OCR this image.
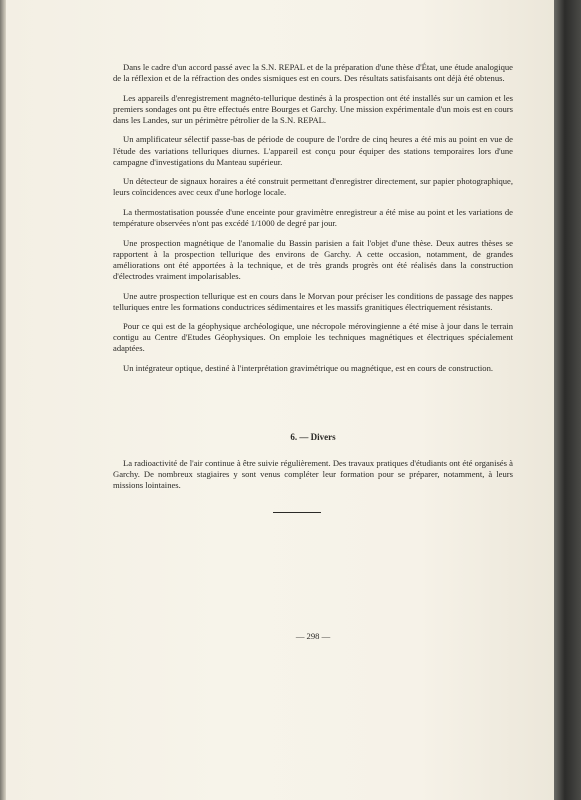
Dans le cadre d'un accord passé avec la S.N. REPAL et de la préparation d'une thèse d'État, une étude analogique de la réflexion et de la réfraction des ondes sismiques est en cours. Des résultats satisfaisants ont déjà été obtenus.

Les appareils d'enregistrement magnéto-tellurique destinés à la prospection ont été installés sur un camion et les premiers sondages ont pu être effectués entre Bourges et Garchy. Une mission expérimentale d'un mois est en cours dans les Landes, sur un périmètre pétrolier de la S.N. REPAL.

Un amplificateur sélectif passe-bas de période de coupure de l'ordre de cinq heures a été mis au point en vue de l'étude des variations telluriques diurnes. L'appareil est conçu pour équiper des stations temporaires lors d'une campagne d'investigations du Manteau supérieur.

Un détecteur de signaux horaires a été construit permettant d'enregistrer directement, sur papier photographique, leurs coïncidences avec ceux d'une horloge locale.

La thermostatisation poussée d'une enceinte pour gravimètre enregistreur a été mise au point et les variations de température observées n'ont pas excédé 1/1000 de degré par jour.

Une prospection magnétique de l'anomalie du Bassin parisien a fait l'objet d'une thèse. Deux autres thèses se rapportent à la prospection tellurique des environs de Garchy. A cette occasion, notamment, de grandes améliorations ont été apportées à la technique, et de très grands progrès ont été réalisés dans la construction d'électrodes vraiment impolarisables.

Une autre prospection tellurique est en cours dans le Morvan pour préciser les conditions de passage des nappes telluriques entre les formations conductrices sédimentaires et les massifs granitiques électriquement résistants.

Pour ce qui est de la géophysique archéologique, une nécropole mérovingienne a été mise à jour dans le terrain contigu au Centre d'Etudes Géophysiques. On emploie les techniques magnétiques et électriques spécialement adaptées.

Un intégrateur optique, destiné à l'interprétation gravimétrique ou magnétique, est en cours de construction.

6. — Divers

La radioactivité de l'air continue à être suivie régulièrement. Des travaux pratiques d'étudiants ont été organisés à Garchy. De nombreux stagiaires y sont venus compléter leur formation pour se préparer, notamment, à leurs missions lointaines.

— 298 —
